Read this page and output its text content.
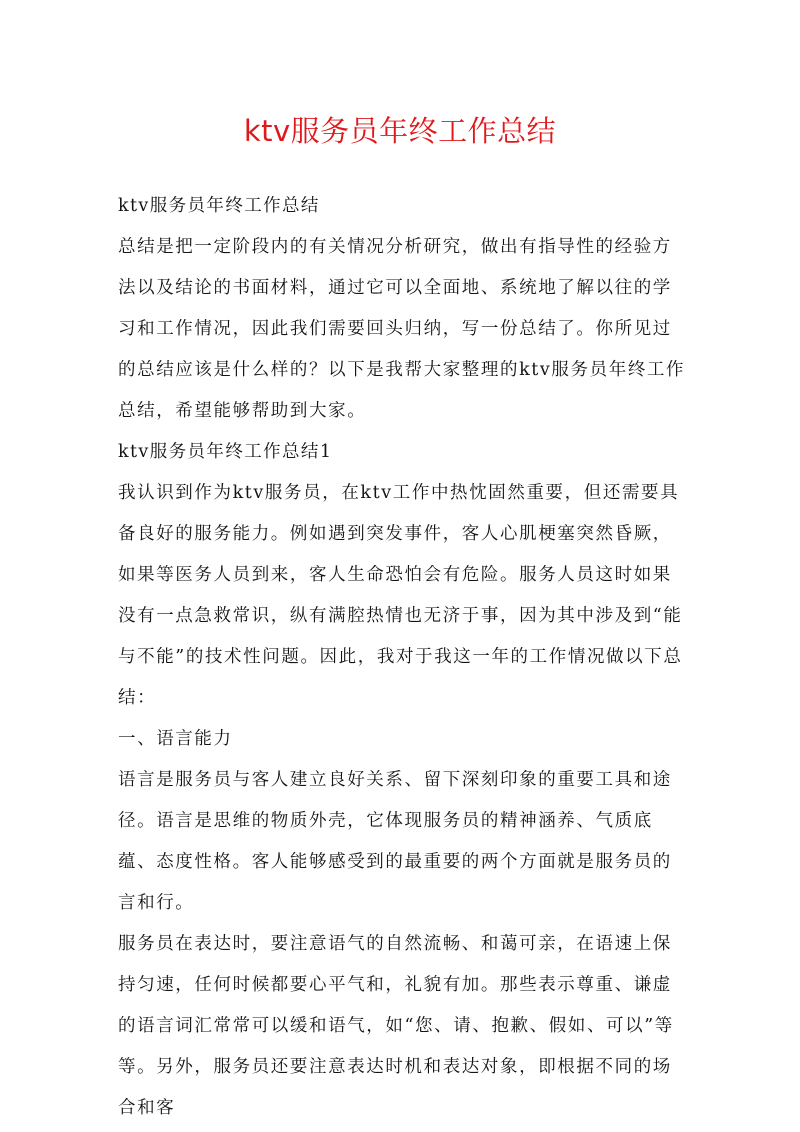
ktv服务员年终工作总结

ktv服务员年终工作总结

总结是把一定阶段内的有关情况分析研究，做出有指导性的经验方法以及结论的书面材料，通过它可以全面地、系统地了解以往的学习和工作情况，因此我们需要回头归纳，写一份总结了。你所见过的总结应该是什么样的？以下是我帮大家整理的ktv服务员年终工作总结，希望能够帮助到大家。

ktv服务员年终工作总结1

我认识到作为ktv服务员，在ktv工作中热忱固然重要，但还需要具备良好的服务能力。例如遇到突发事件，客人心肌梗塞突然昏厥，如果等医务人员到来，客人生命恐怕会有危险。服务人员这时如果没有一点急救常识，纵有满腔热情也无济于事，因为其中涉及到“能与不能”的技术性问题。因此，我对于我这一年的工作情况做以下总结：

一、语言能力

语言是服务员与客人建立良好关系、留下深刻印象的重要工具和途径。语言是思维的物质外壳，它体现服务员的精神涵养、气质底蕴、态度性格。客人能够感受到的最重要的两个方面就是服务员的言和行。

服务员在表达时，要注意语气的自然流畅、和蔼可亲，在语速上保持匀速，任何时候都要心平气和，礼貌有加。那些表示尊重、谦虚的语言词汇常常可以缓和语气，如“您、请、抱歉、假如、可以”等等。另外，服务员还要注意表达时机和表达对象，即根据不同的场合和客
